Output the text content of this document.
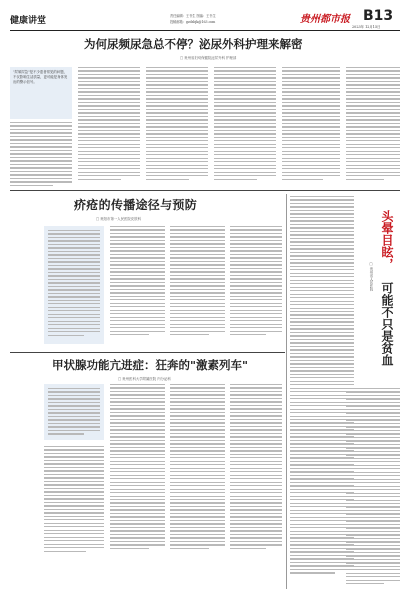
健康讲堂	责任编辑：王书生 图编：王书生
投稿邮箱：gzdsbjk@163.com	贵州都市报 B13
2023年 12月15日
为何尿频尿急总不停？泌尿外科护理来解密
□ 贵州省妇幼保健院泌尿外科 护理部
"尿频尿急"是不少患者常见的问题，不仅影响生活质量，更可能是身体发出的警示信号。
疥疮的传播途径与预防
□ 贵阳市第一人民医院皮肤科
甲状腺功能亢进症：狂奔的"激素列车"
□ 贵州医科大学附属医院 内分泌科
头晕目眩，
可能不只是贫血
□ 贵州省人民医院
